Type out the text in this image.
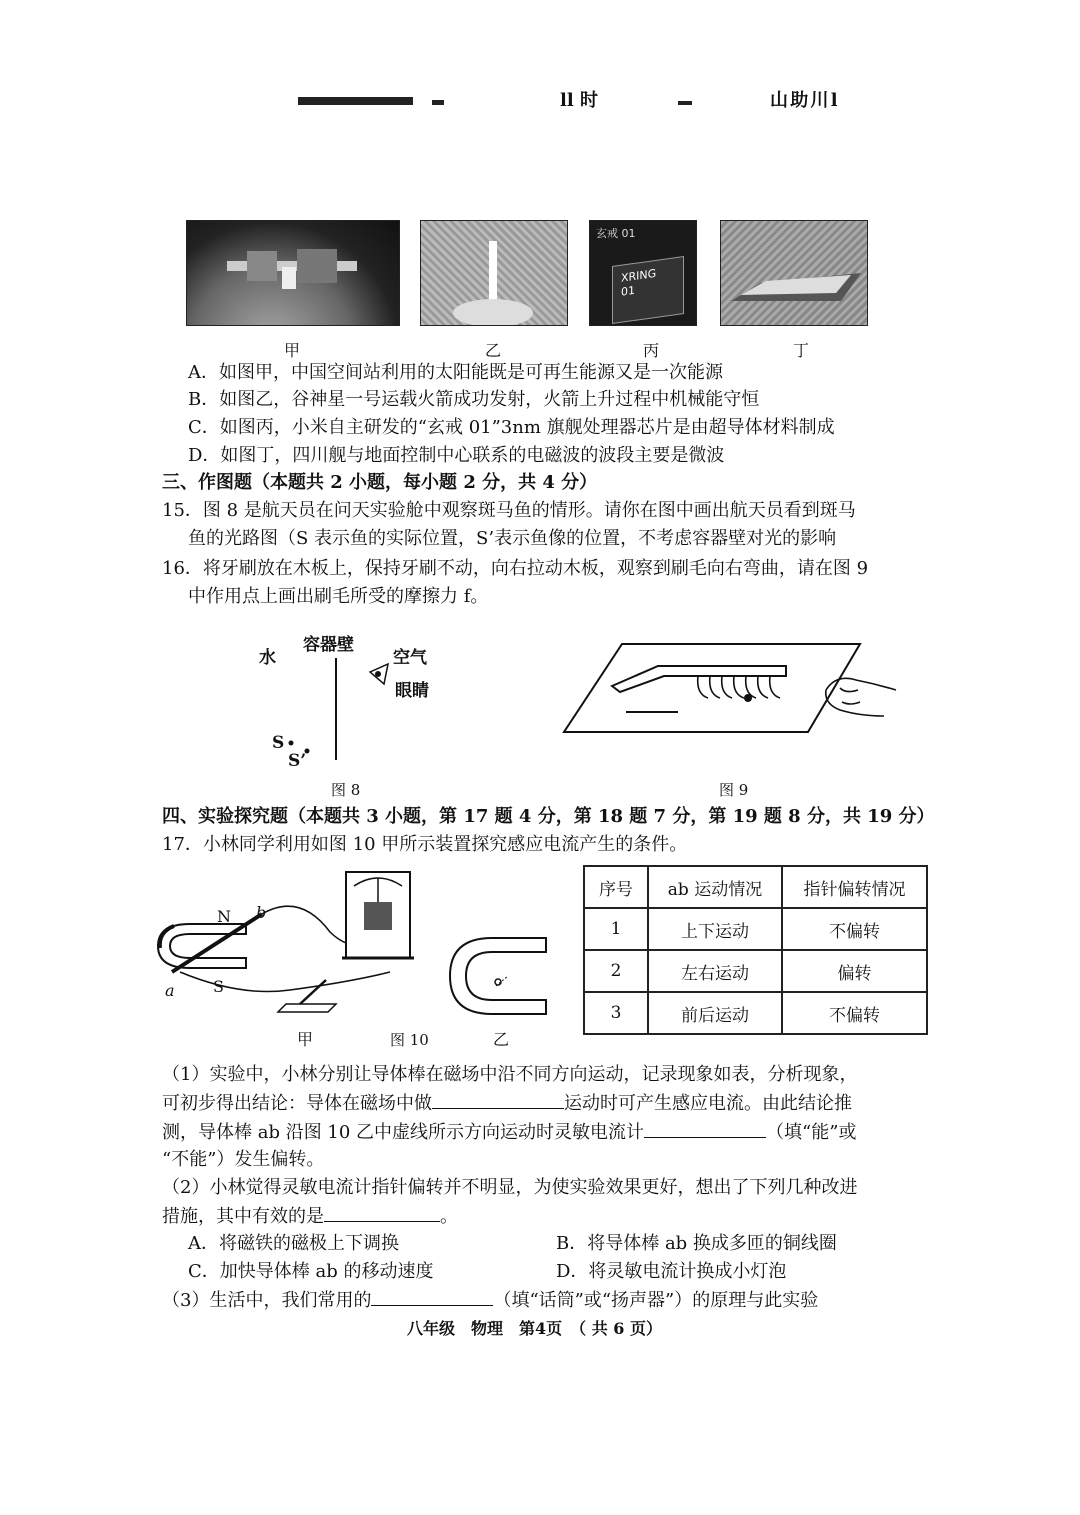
ll 时	山 助 川 l
玄戒 01
XRING 01
甲	乙	丙	丁
A．如图甲，中国空间站利用的太阳能既是可再生能源又是一次能源
B．如图乙，谷神星一号运载火箭成功发射，火箭上升过程中机械能守恒
C．如图丙，小米自主研发的“玄戒 01”3nm 旗舰处理器芯片是由超导体材料制成
D．如图丁，四川舰与地面控制中心联系的电磁波的波段主要是微波
三、作图题（本题共 2 小题，每小题 2 分，共 4 分）
15．图 8 是航天员在问天实验舱中观察斑马鱼的情形。请你在图中画出航天员看到斑马
鱼的光路图（S 表示鱼的实际位置，S’表示鱼像的位置，不考虑容器壁对光的影响
16．将牙刷放在木板上，保持牙刷不动，向右拉动木板，观察到刷毛向右弯曲，请在图 9
中作用点上画出刷毛所受的摩擦力 f。
水
容器壁
空气
眼睛
S
S’
图 8	图 9
四、实验探究题（本题共 3 小题，第 17 题 4 分，第 18 题 7 分，第 19 题 8 分，共 19 分）
17．小林同学利用如图 10 甲所示装置探究感应电流产生的条件。
N b
a S
甲	图 10	乙
序号	ab 运动情况	指针偏转情况
1	上下运动	不偏转
2	左右运动	偏转
3	前后运动	不偏转
（1）实验中，小林分别让导体棒在磁场中沿不同方向运动，记录现象如表，分析现象，
可初步得出结论：导体在磁场中做	运动时可产生感应电流。由此结论推
测，导体棒 ab 沿图 10 乙中虚线所示方向运动时灵敏电流计	（填“能”或
“不能”）发生偏转。
（2）小林觉得灵敏电流计指针偏转并不明显，为使实验效果更好，想出了下列几种改进
措施，其中有效的是	。
A．将磁铁的磁极上下调换	B．将导体棒 ab 换成多匝的铜线圈
C．加快导体棒 ab 的移动速度	D．将灵敏电流计换成小灯泡
（3）生活中，我们常用的	（填“话筒”或“扬声器”）的原理与此实验
八年级　物理　第4页　（ 共 6 页）
